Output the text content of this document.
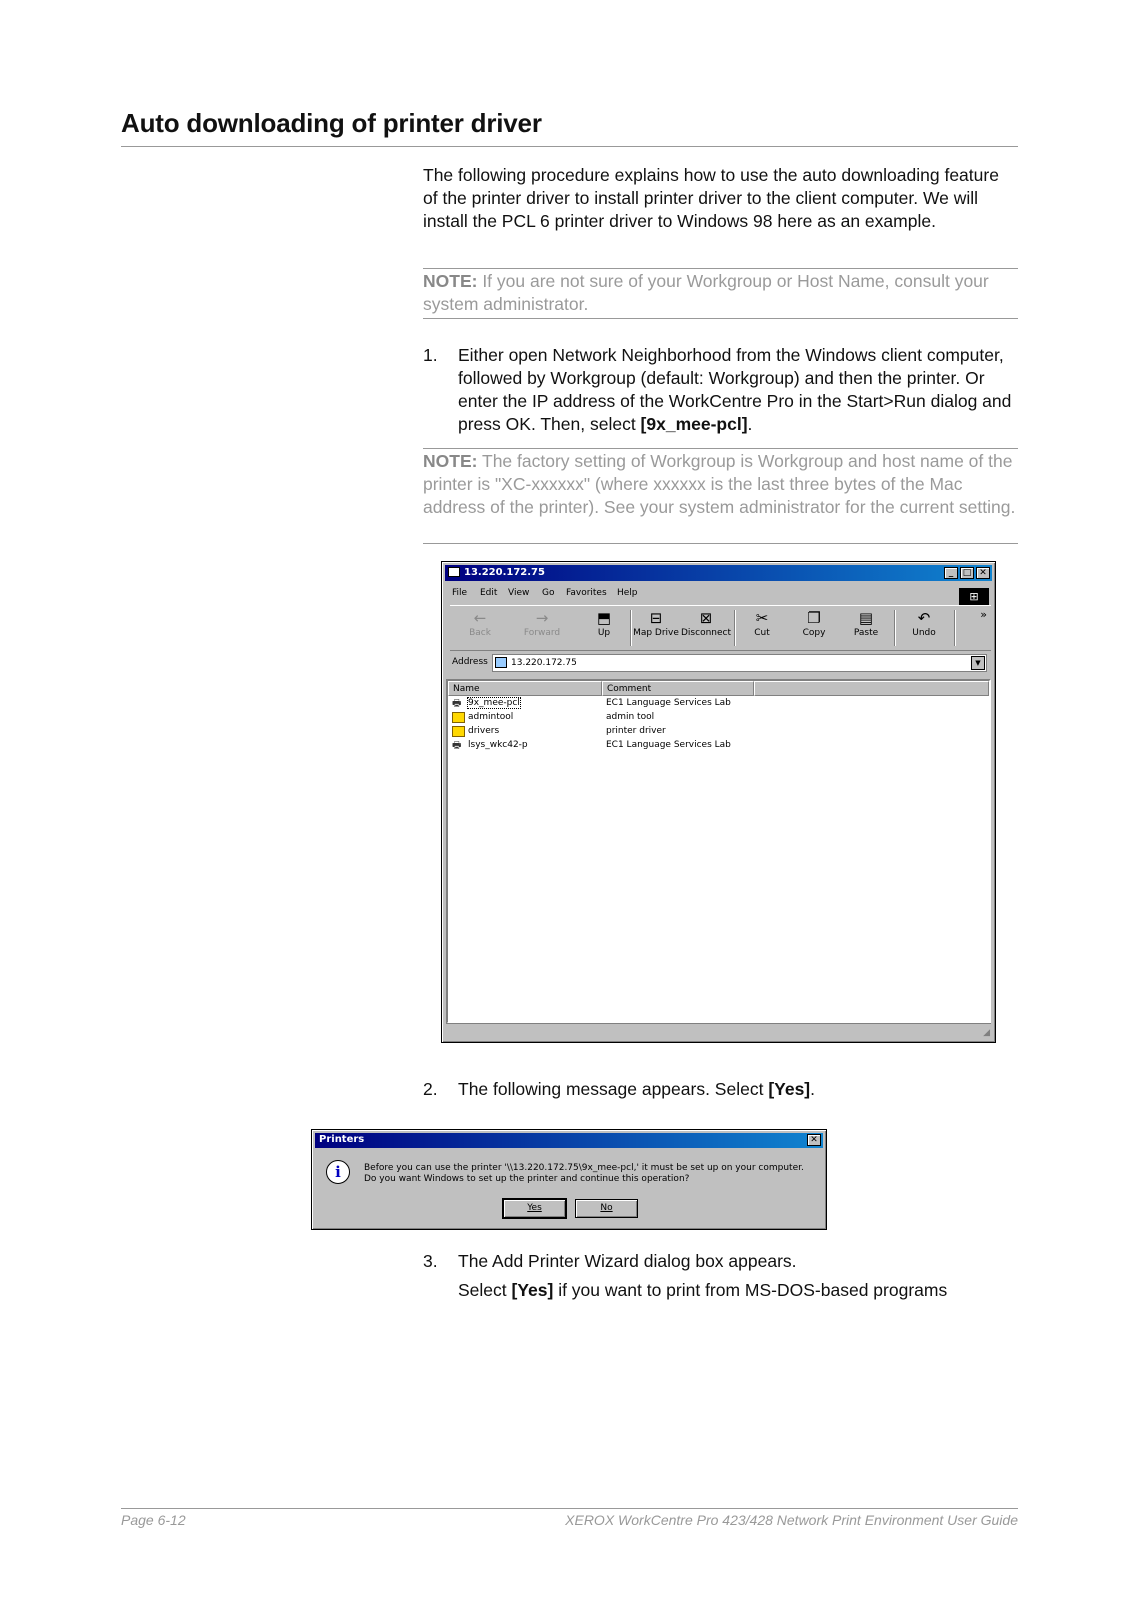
Auto downloading of printer driver

The following procedure explains how to use the auto downloading feature of the printer driver to install printer driver to the client computer. We will install the PCL 6 printer driver to Windows 98 here as an example.

NOTE: If you are not sure of your Workgroup or Host Name, consult your system administrator.

1. Either open Network Neighborhood from the Windows client computer, followed by Workgroup (default: Workgroup) and then the printer. Or enter the IP address of the WorkCentre Pro in the Start>Run dialog and press OK. Then, select [9x_mee-pcl].

NOTE: The factory setting of Workgroup is Workgroup and host name of the printer is "XC-xxxxxx" (where xxxxxx is the last three bytes of the Mac address of the printer). See your system administrator for the current setting.

13.220.172.75	_	□ ✕
File Edit View Go Favorites Help	⊞
←
Back
→
Forward
⬒
Up
⊟
Map Drive
⊠
Disconnect
✂
Cut
❐
Copy
▤
Paste
↶
Undo
»
Address	13.220.172.75	▼
Name	Comment
🖶 9x_mee-pcl	EC1 Language Services Lab
admintool	admin tool
drivers	printer driver
🖶 lsys_wkc42-p	EC1 Language Services Lab
◢
2. The following message appears. Select [Yes].
Printers	✕
i	Before you can use the printer '\\13.220.172.75\9x_mee-pcl,' it must be set up on your computer. Do you want Windows to set up the printer and continue this operation?
Yes	No
3. The Add Printer Wizard dialog box appears.
Select [Yes] if you want to print from MS-DOS-based programs
Page 6-12	XEROX WorkCentre Pro 423/428 Network Print Environment User Guide
